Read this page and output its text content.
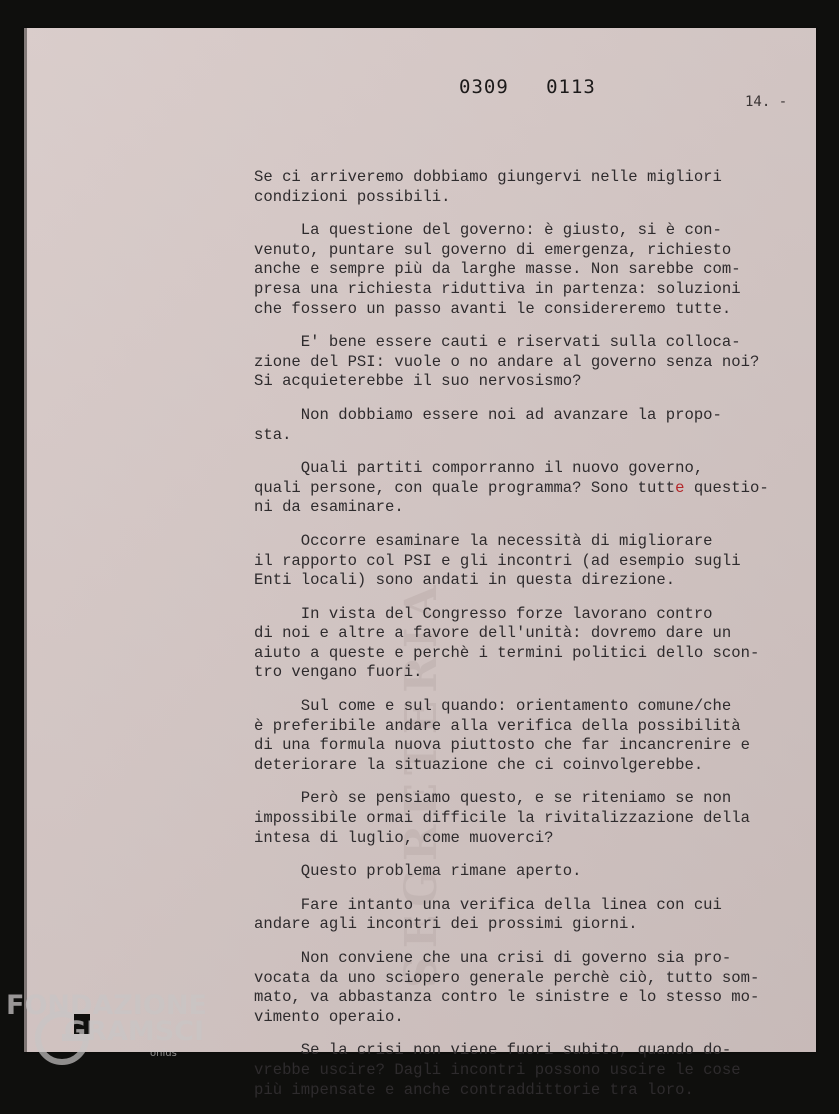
SEGRETERIA
0309   0113
14. -
Se ci arriveremo dobbiamo giungervi nelle migliori
condizioni possibili.
La questione del governo: è giusto, si è con-
venuto, puntare sul governo di emergenza, richiesto
anche e sempre più da larghe masse. Non sarebbe com-
presa una richiesta riduttiva in partenza: soluzioni
che fossero un passo avanti le considereremo tutte.
E' bene essere cauti e riservati sulla colloca-
zione del PSI: vuole o no andare al governo senza noi?
Si acquieterebbe il suo nervosismo?
Non dobbiamo essere noi ad avanzare la propo-
sta.
Quali partiti comporranno il nuovo governo,
quali persone, con quale programma? Sono tutte questio-
ni da esaminare.
Occorre esaminare la necessità di migliorare
il rapporto col PSI e gli incontri (ad esempio sugli
Enti locali) sono andati in questa direzione.
In vista del Congresso forze lavorano contro
di noi e altre a favore dell'unità: dovremo dare un
aiuto a queste e perchè i termini politici dello scon-
tro vengano fuori.
Sul come e sul quando: orientamento comune/che
è preferibile andare alla verifica della possibilità
di una formula nuova piuttosto che far incancrenire e
deteriorare la situazione che ci coinvolgerebbe.
Però se pensiamo questo, e se riteniamo se non
impossibile ormai difficile la rivitalizzazione della
intesa di luglio, come muoverci?
Questo problema rimane aperto.
Fare intanto una verifica della linea con cui
andare agli incontri dei prossimi giorni.
Non conviene che una crisi di governo sia pro-
vocata da uno sciopero generale perchè ciò, tutto som-
mato, va abbastanza contro le sinistre e lo stesso mo-
vimento operaio.
Se la crisi non viene fuori subito, quando do-
vrebbe uscire? Dagli incontri possono uscire le cose
più impensate e anche contraddittorie tra loro.
FONDAZIONE
GRAMSCI
onlus
